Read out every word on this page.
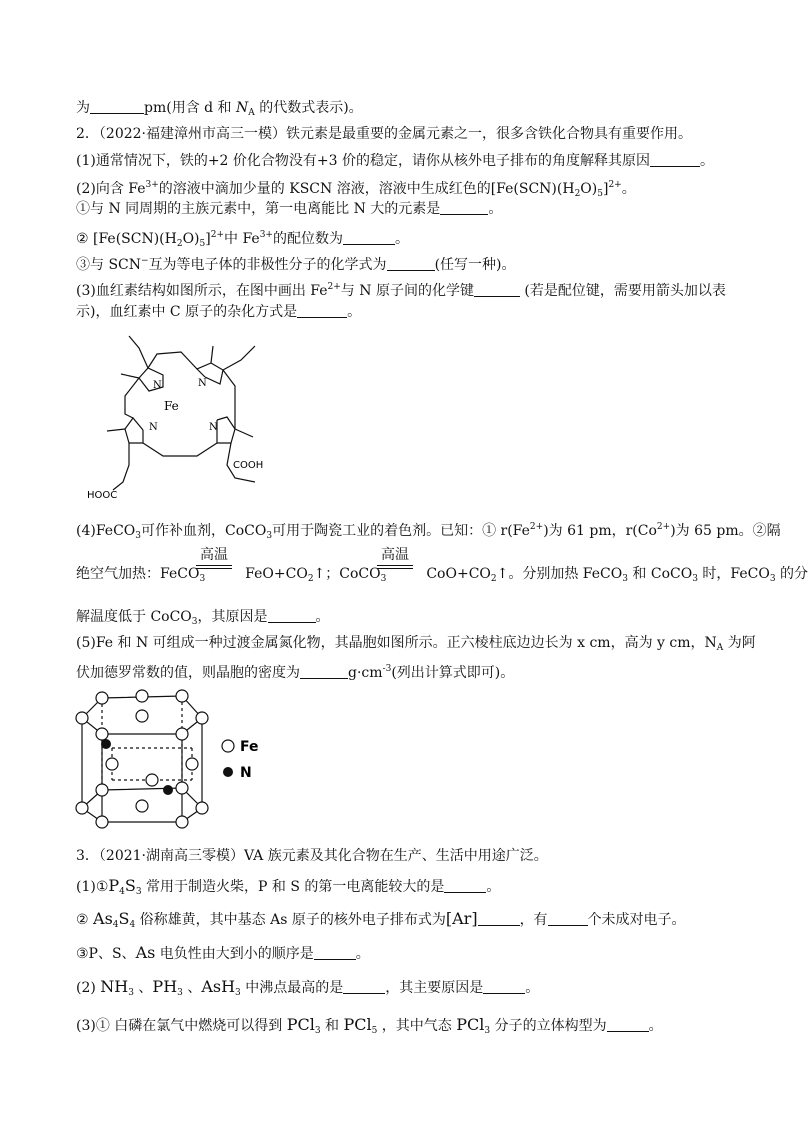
为	pm(用含 d 和 $N_A$ 的代数式表示)。
2．（2022·福建漳州市高三一模）铁元素是最重要的金属元素之一，很多含铁化合物具有重要作用。
(1)通常情况下，铁的+2 价化合物没有+3 价的稳定，请你从核外电子排布的角度解释其原因	。
(2)向含 $Fe^{3+}$的溶液中滴加少量的 KSCN 溶液，溶液中生成红色的$[Fe(SCN)(H_2O)_5]^{2+}$。
①与 N 同周期的主族元素中，第一电离能比 N 大的元素是	。
② $[Fe(SCN)(H_2O)_5]^{2+}$中 $Fe^{3+}$的配位数为	。
③与 SCN−互为等电子体的非极性分子的化学式为	(任写一种)。
(3)血红素结构如图所示，在图中画出 $Fe^{2+}$与 N 原子间的化学键	(若是配位键，需要用箭头加以表
示)，血红素中 C 原子的杂化方式是	。
N	N
N	N
Fe
COOH
HOOC
(4)FeCO$_3$可作补血剂，CoCO$_3$可用于陶瓷工业的着色剂。已知：① $r(Fe^{2+})$为 61 pm，$r(Co^{2+})$为 65 pm。②隔
高温	高温
绝空气加热：FeCO$_3$	$FeO+CO_2↑$；CoCO$_3$	$CoO+CO_2↑$。分别加热 FeCO$_3$ 和 CoCO$_3$ 时，FeCO$_3$ 的分
解温度低于 CoCO$_3$，其原因是	。
(5)Fe 和 N 可组成一种过渡金属氮化物，其晶胞如图所示。正六棱柱底边边长为 x cm，高为 y cm，$N_A$ 为阿
伏加德罗常数的值，则晶胞的密度为	$g\cdot cm^{-3}$(列出计算式即可)。
Fe
N
3．（2021·湖南高三零模）VA 族元素及其化合物在生产、生活中用途广泛。
$(1)①P_4S_3$ 常用于制造火柴，P 和 S 的第一电离能较大的是	。
② $As_4S_4$ 俗称雄黄，其中基态 As 原子的核外电子排布式为[Ar]	，有	个未成对电子。
③P、S、As 电负性由大到小的顺序是	。
(2) $NH_3$ 、$PH_3$ 、AsH$_3$ 中沸点最高的是	，其主要原因是	。
(3)① 白磷在氯气中燃烧可以得到 PCl$_3$ 和 PCl$_5$ ，其中气态 PCl$_3$ 分子的立体构型为	。
